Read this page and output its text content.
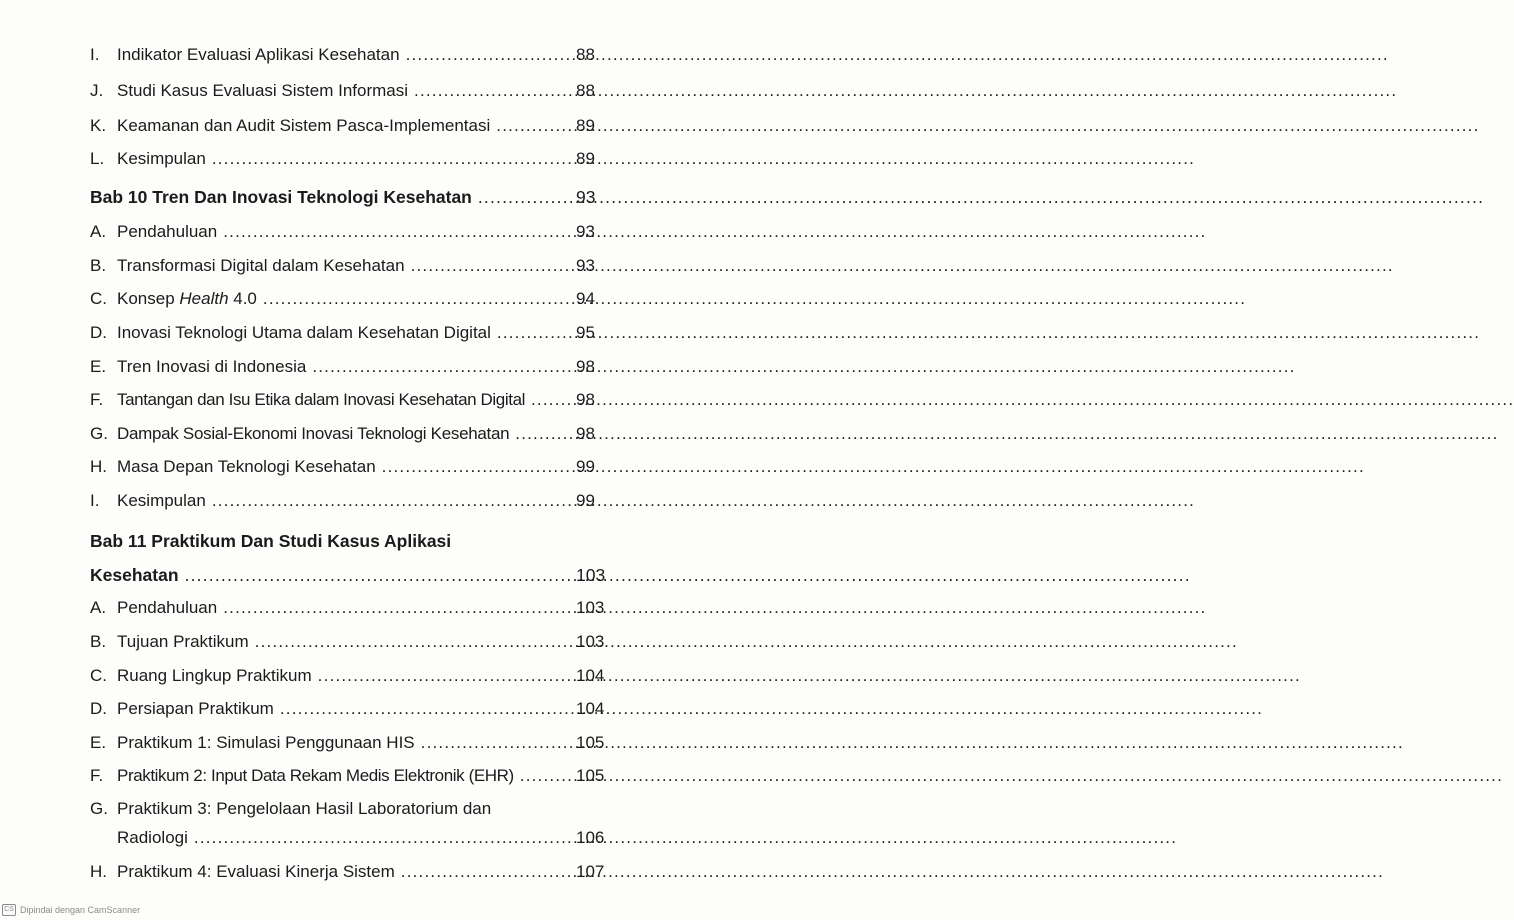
I.	Indikator Evaluasi Aplikasi Kesehatan .....	88
J. Studi Kasus Evaluasi Sistem Informasi .....	88
K. Keamanan dan Audit Sistem Pasca-Implementasi .....	89
L. Kesimpulan .....	89
Bab 10 Tren Dan Inovasi Teknologi Kesehatan .....	93
A. Pendahuluan .....	93
B. Transformasi Digital dalam Kesehatan .....	93
C. Konsep Health 4.0 .....	94
D. Inovasi Teknologi Utama dalam Kesehatan Digital .....	95
E. Tren Inovasi di Indonesia .....	98
F. Tantangan dan Isu Etika dalam Inovasi Kesehatan Digital .....	98
G. Dampak Sosial-Ekonomi Inovasi Teknologi Kesehatan .....	98
H. Masa Depan Teknologi Kesehatan .....	99
I.	Kesimpulan .....	99
Bab 11 Praktikum Dan Studi Kasus Aplikasi
Kesehatan .....	103
A. Pendahuluan .....	103
B. Tujuan Praktikum .....	103
C. Ruang Lingkup Praktikum .....	104
D. Persiapan Praktikum .....	104
E. Praktikum 1: Simulasi Penggunaan HIS .....	105
F. Praktikum 2: Input Data Rekam Medis Elektronik (EHR) .....	105
G. Praktikum 3: Pengelolaan Hasil Laboratorium dan
Radiologi .....	106
H. Praktikum 4: Evaluasi Kinerja Sistem .....	107
CS Dipindai dengan CamScanner
